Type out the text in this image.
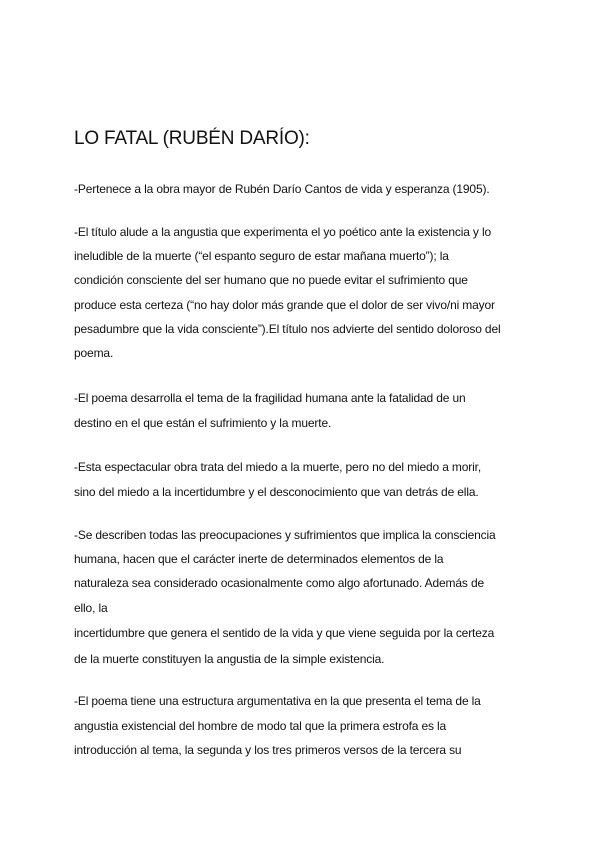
LO FATAL (RUBÉN DARÍO):

-Pertenece a la obra mayor de Rubén Darío Cantos de vida y esperanza (1905).

-El título alude a la angustia que experimenta el yo poético ante la existencia y lo

ineludible de la muerte (“el espanto seguro de estar mañana muerto”); la

condición consciente del ser humano que no puede evitar el sufrimiento que

produce esta certeza (“no hay dolor más grande que el dolor de ser vivo/ni mayor

pesadumbre que la vida consciente”).El título nos advierte del sentido doloroso del

poema.

-El poema desarrolla el tema de la fragilidad humana ante la fatalidad de un

destino en el que están el sufrimiento y la muerte.

-Esta espectacular obra trata del miedo a la muerte, pero no del miedo a morir,

sino del miedo a la incertidumbre y el desconocimiento que van detrás de ella.

-Se describen todas las preocupaciones y sufrimientos que implica la consciencia

humana, hacen que el carácter inerte de determinados elementos de la

naturaleza sea considerado ocasionalmente como algo afortunado. Además de

ello, la

incertidumbre que genera el sentido de la vida y que viene seguida por la certeza

de la muerte constituyen la angustia de la simple existencia.

-El poema tiene una estructura argumentativa en la que presenta el tema de la

angustia existencial del hombre de modo tal que la primera estrofa es la

introducción al tema, la segunda y los tres primeros versos de la tercera su
